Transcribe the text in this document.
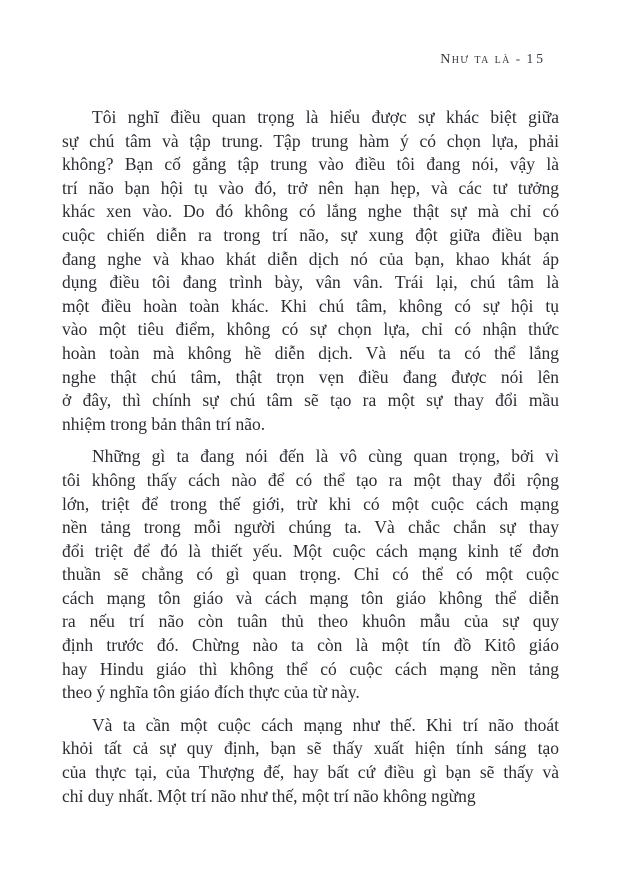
Như ta là - 15

Tôi nghĩ điều quan trọng là hiểu được sự khác biệt giữa
sự chú tâm và tập trung. Tập trung hàm ý có chọn lựa, phải
không? Bạn cố gắng tập trung vào điều tôi đang nói, vậy là
trí não bạn hội tụ vào đó, trở nên hạn hẹp, và các tư tưởng
khác xen vào. Do đó không có lắng nghe thật sự mà chỉ có
cuộc chiến diễn ra trong trí não, sự xung đột giữa điều bạn
đang nghe và khao khát diễn dịch nó của bạn, khao khát áp
dụng điều tôi đang trình bày, vân vân. Trái lại, chú tâm là
một điều hoàn toàn khác. Khi chú tâm, không có sự hội tụ
vào một tiêu điểm, không có sự chọn lựa, chỉ có nhận thức
hoàn toàn mà không hề diễn dịch. Và nếu ta có thể lắng
nghe thật chú tâm, thật trọn vẹn điều đang được nói lên
ở đây, thì chính sự chú tâm sẽ tạo ra một sự thay đổi mầu
nhiệm trong bản thân trí não.

Những gì ta đang nói đến là vô cùng quan trọng, bởi vì
tôi không thấy cách nào để có thể tạo ra một thay đổi rộng
lớn, triệt để trong thế giới, trừ khi có một cuộc cách mạng
nền tảng trong mỗi người chúng ta. Và chắc chắn sự thay
đổi triệt để đó là thiết yếu. Một cuộc cách mạng kinh tế đơn
thuần sẽ chẳng có gì quan trọng. Chỉ có thể có một cuộc
cách mạng tôn giáo và cách mạng tôn giáo không thể diễn
ra nếu trí não còn tuân thủ theo khuôn mẫu của sự quy
định trước đó. Chừng nào ta còn là một tín đồ Kitô giáo
hay Hindu giáo thì không thể có cuộc cách mạng nền tảng
theo ý nghĩa tôn giáo đích thực của từ này.

Và ta cần một cuộc cách mạng như thế. Khi trí não thoát
khỏi tất cả sự quy định, bạn sẽ thấy xuất hiện tính sáng tạo
của thực tại, của Thượng đế, hay bất cứ điều gì bạn sẽ thấy và
chỉ duy nhất. Một trí não như thế, một trí não không ngừng
